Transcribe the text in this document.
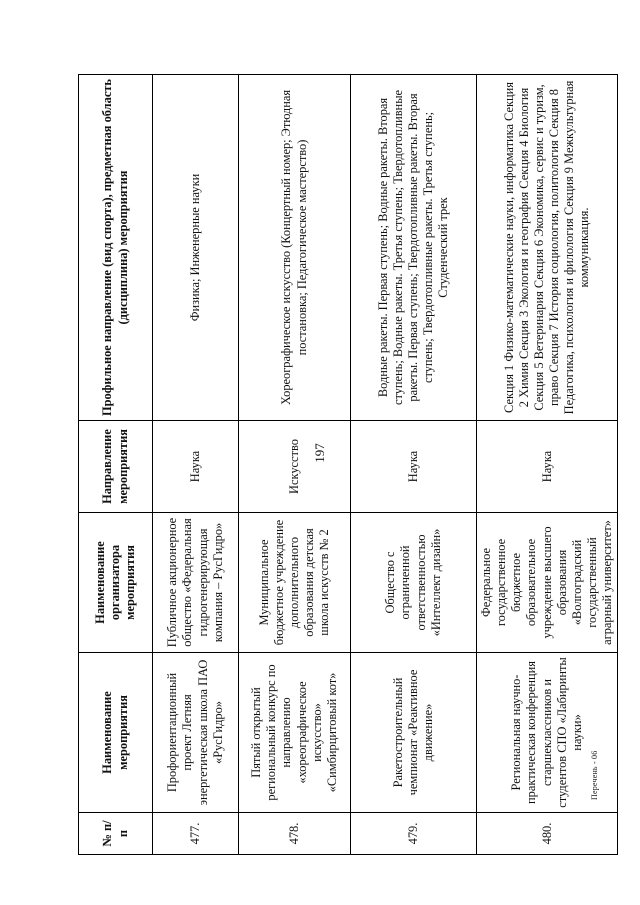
197
№ п/п	Наименование мероприятия	Наименование организатора мероприятия	Направление мероприятия	Профильное направление (вид спорта), предметная область (дисциплина) мероприятия
477.	Профориентационный проект Летняя энергетическая школа ПАО «РусГидро»	Публичное акционерное общество «Федеральная гидрогенерирующая компания – РусГидро»	Наука	Физика; Инженерные науки
478.	Пятый открытый региональный конкурс по направлению «хореографическое искусство» «Симбирцитовый кот»	Муниципальное бюджетное учреждение дополнительного образования детская школа искусств № 2	Искусство	Хореографическое искусство (Концертный номер; Этюдная постановка; Педагогическое мастерство)
479.	Ракетостроительный чемпионат «Реактивное движение»	Общество с ограниченной ответственностью «Интеллект дизайн»	Наука	Водные ракеты. Первая ступень; Водные ракеты. Вторая ступень; Водные ракеты. Третья ступень; Твердотопливные ракеты. Первая ступень; Твердотопливные ракеты. Вторая ступень; Твердотопливные ракеты. Третья ступень; Студенческий трек
480.	Региональная научно-практическая конференция старшеклассников и студентов СПО «Лабиринты науки»	Федеральное государственное бюджетное образовательное учреждение высшего образования «Волгоградский государственный аграрный университет»	Наука	Секция 1 Физико-математические науки, информатика Секция 2 Химия Секция 3 Экология и география Секция 4 Биология Секция 5 Ветеринария Секция 6 Экономика, сервис и туризм, право Секция 7 История социология, политология Секция 8 Педагогика, психология и филология Секция 9 Межкультурная коммуникация.
Перечень - 06
